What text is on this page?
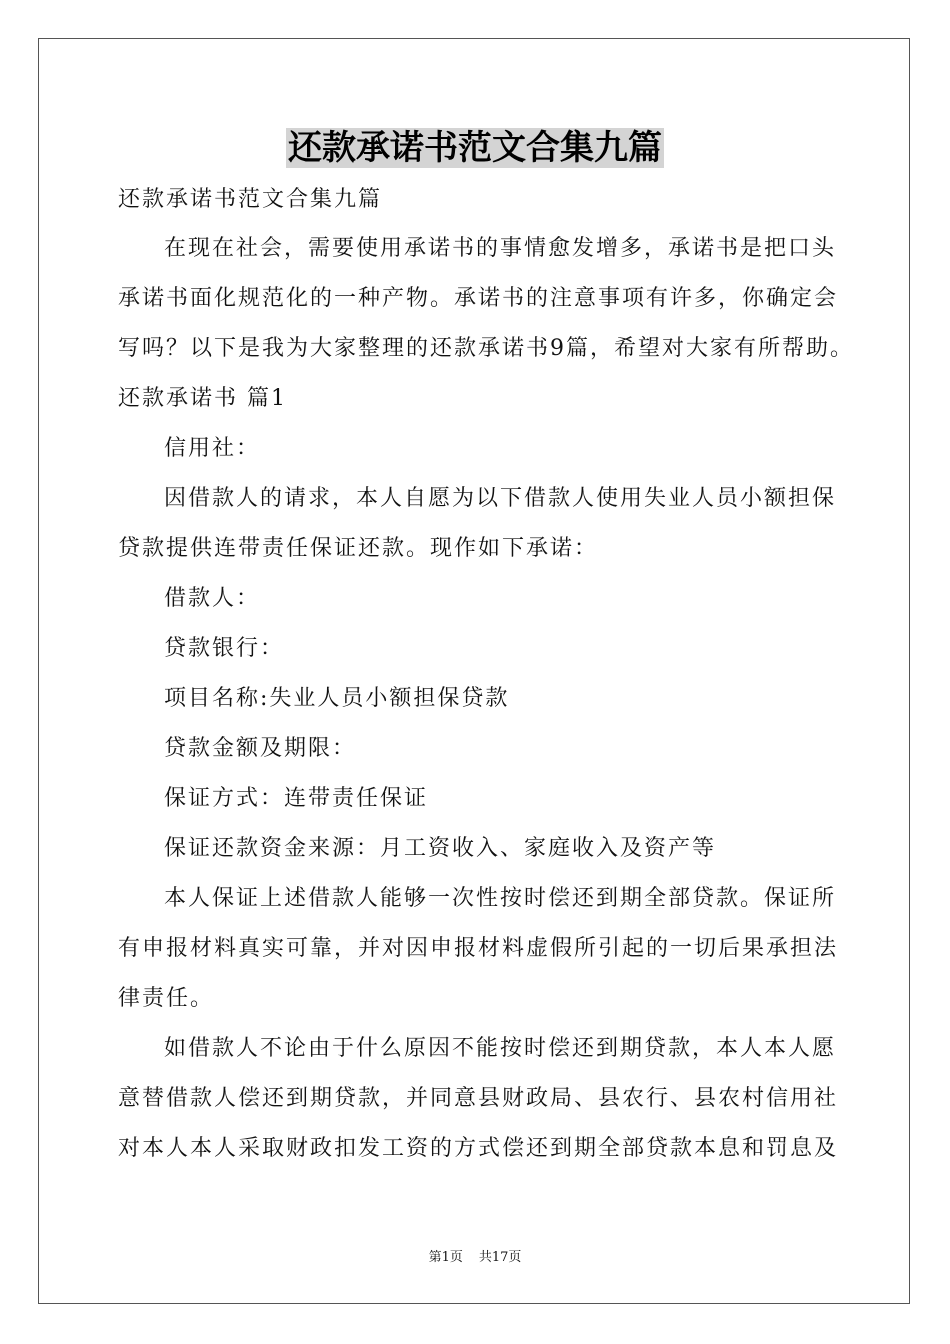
还款承诺书范文合集九篇
还款承诺书范文合集九篇
在现在社会，需要使用承诺书的事情愈发增多，承诺书是把口头
承诺书面化规范化的一种产物。承诺书的注意事项有许多，你确定会
写吗？以下是我为大家整理的还款承诺书9篇，希望对大家有所帮助。
还款承诺书 篇1
信用社：
因借款人的请求，本人自愿为以下借款人使用失业人员小额担保
贷款提供连带责任保证还款。现作如下承诺：
借款人：
贷款银行：
项目名称:失业人员小额担保贷款
贷款金额及期限：
保证方式：连带责任保证
保证还款资金来源：月工资收入、家庭收入及资产等
本人保证上述借款人能够一次性按时偿还到期全部贷款。保证所
有申报材料真实可靠，并对因申报材料虚假所引起的一切后果承担法
律责任。
如借款人不论由于什么原因不能按时偿还到期贷款，本人本人愿
意替借款人偿还到期贷款，并同意县财政局、县农行、县农村信用社
对本人本人采取财政扣发工资的方式偿还到期全部贷款本息和罚息及
第1页 共17页
